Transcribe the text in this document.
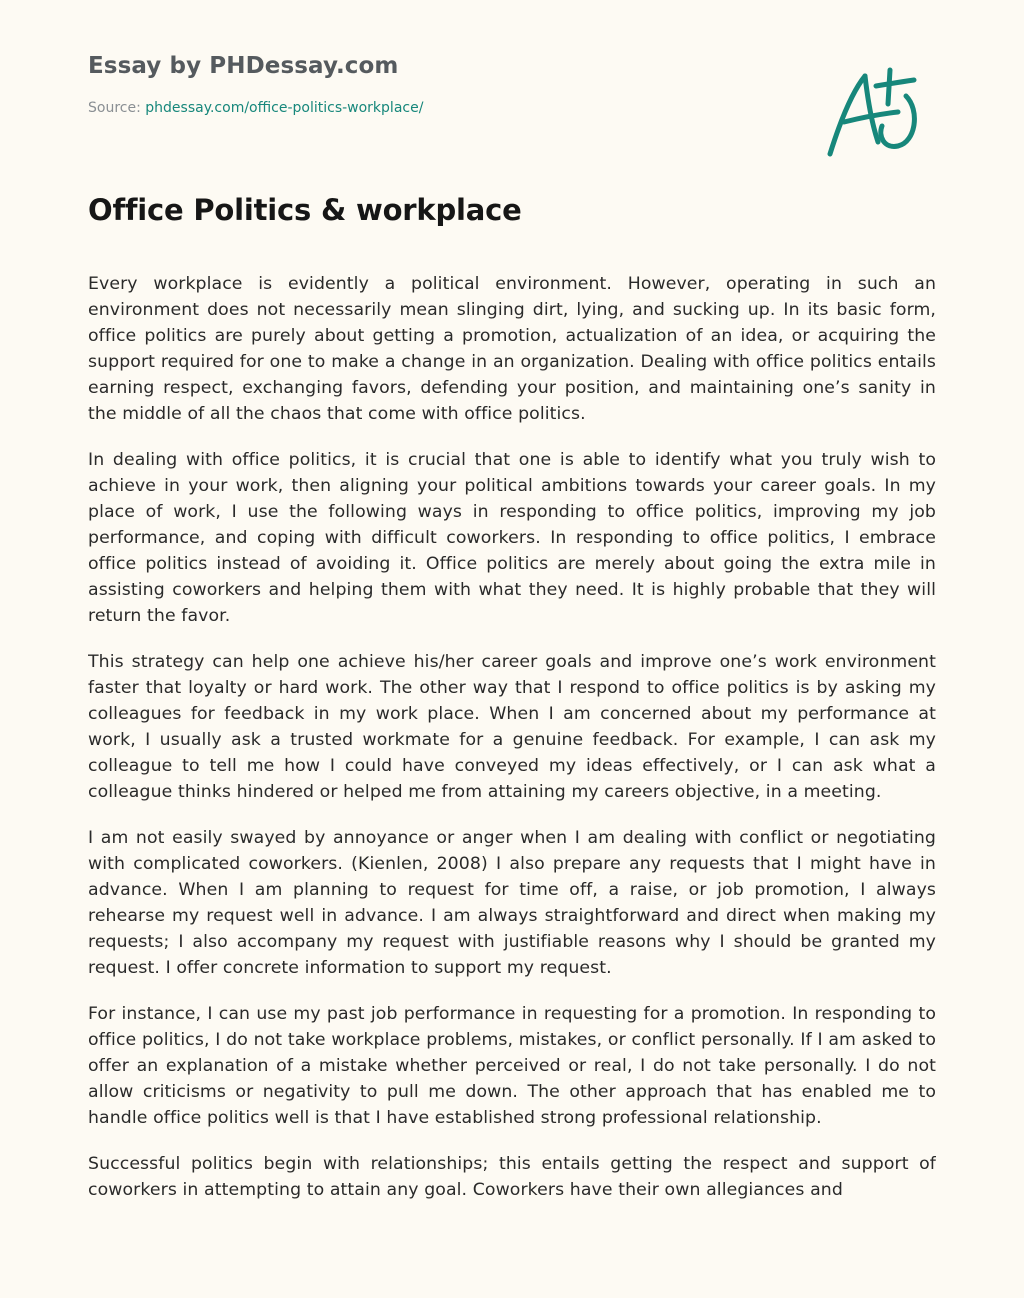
Essay by PHDessay.com
Source: phdessay.com/office-politics-workplace/
Office Politics & workplace

Every workplace is evidently a political environment. However, operating in such an environment does not necessarily mean slinging dirt, lying, and sucking up. In its basic form, office politics are purely about getting a promotion, actualization of an idea, or acquiring the support required for one to make a change in an organization. Dealing with office politics entails earning respect, exchanging favors, defending your position, and maintaining one’s sanity in the middle of all the chaos that come with office politics.

In dealing with office politics, it is crucial that one is able to identify what you truly wish to achieve in your work, then aligning your political ambitions towards your career goals. In my place of work, I use the following ways in responding to office politics, improving my job performance, and coping with difficult coworkers. In responding to office politics, I embrace office politics instead of avoiding it. Office politics are merely about going the extra mile in assisting coworkers and helping them with what they need. It is highly probable that they will return the favor.

This strategy can help one achieve his/her career goals and improve one’s work environment faster that loyalty or hard work. The other way that I respond to office politics is by asking my colleagues for feedback in my work place. When I am concerned about my performance at work, I usually ask a trusted workmate for a genuine feedback. For example, I can ask my colleague to tell me how I could have conveyed my ideas effectively, or I can ask what a colleague thinks hindered or helped me from attaining my careers objective, in a meeting.

I am not easily swayed by annoyance or anger when I am dealing with conflict or negotiating with complicated coworkers. (Kienlen, 2008) I also prepare any requests that I might have in advance. When I am planning to request for time off, a raise, or job promotion, I always rehearse my request well in advance. I am always straightforward and direct when making my requests; I also accompany my request with justifiable reasons why I should be granted my request. I offer concrete information to support my request.

For instance, I can use my past job performance in requesting for a promotion. In responding to office politics, I do not take workplace problems, mistakes, or conflict personally. If I am asked to offer an explanation of a mistake whether perceived or real, I do not take personally. I do not allow criticisms or negativity to pull me down. The other approach that has enabled me to handle office politics well is that I have established strong professional relationship.

Successful politics begin with relationships; this entails getting the respect and support of coworkers in attempting to attain any goal. Coworkers have their own allegiances and
